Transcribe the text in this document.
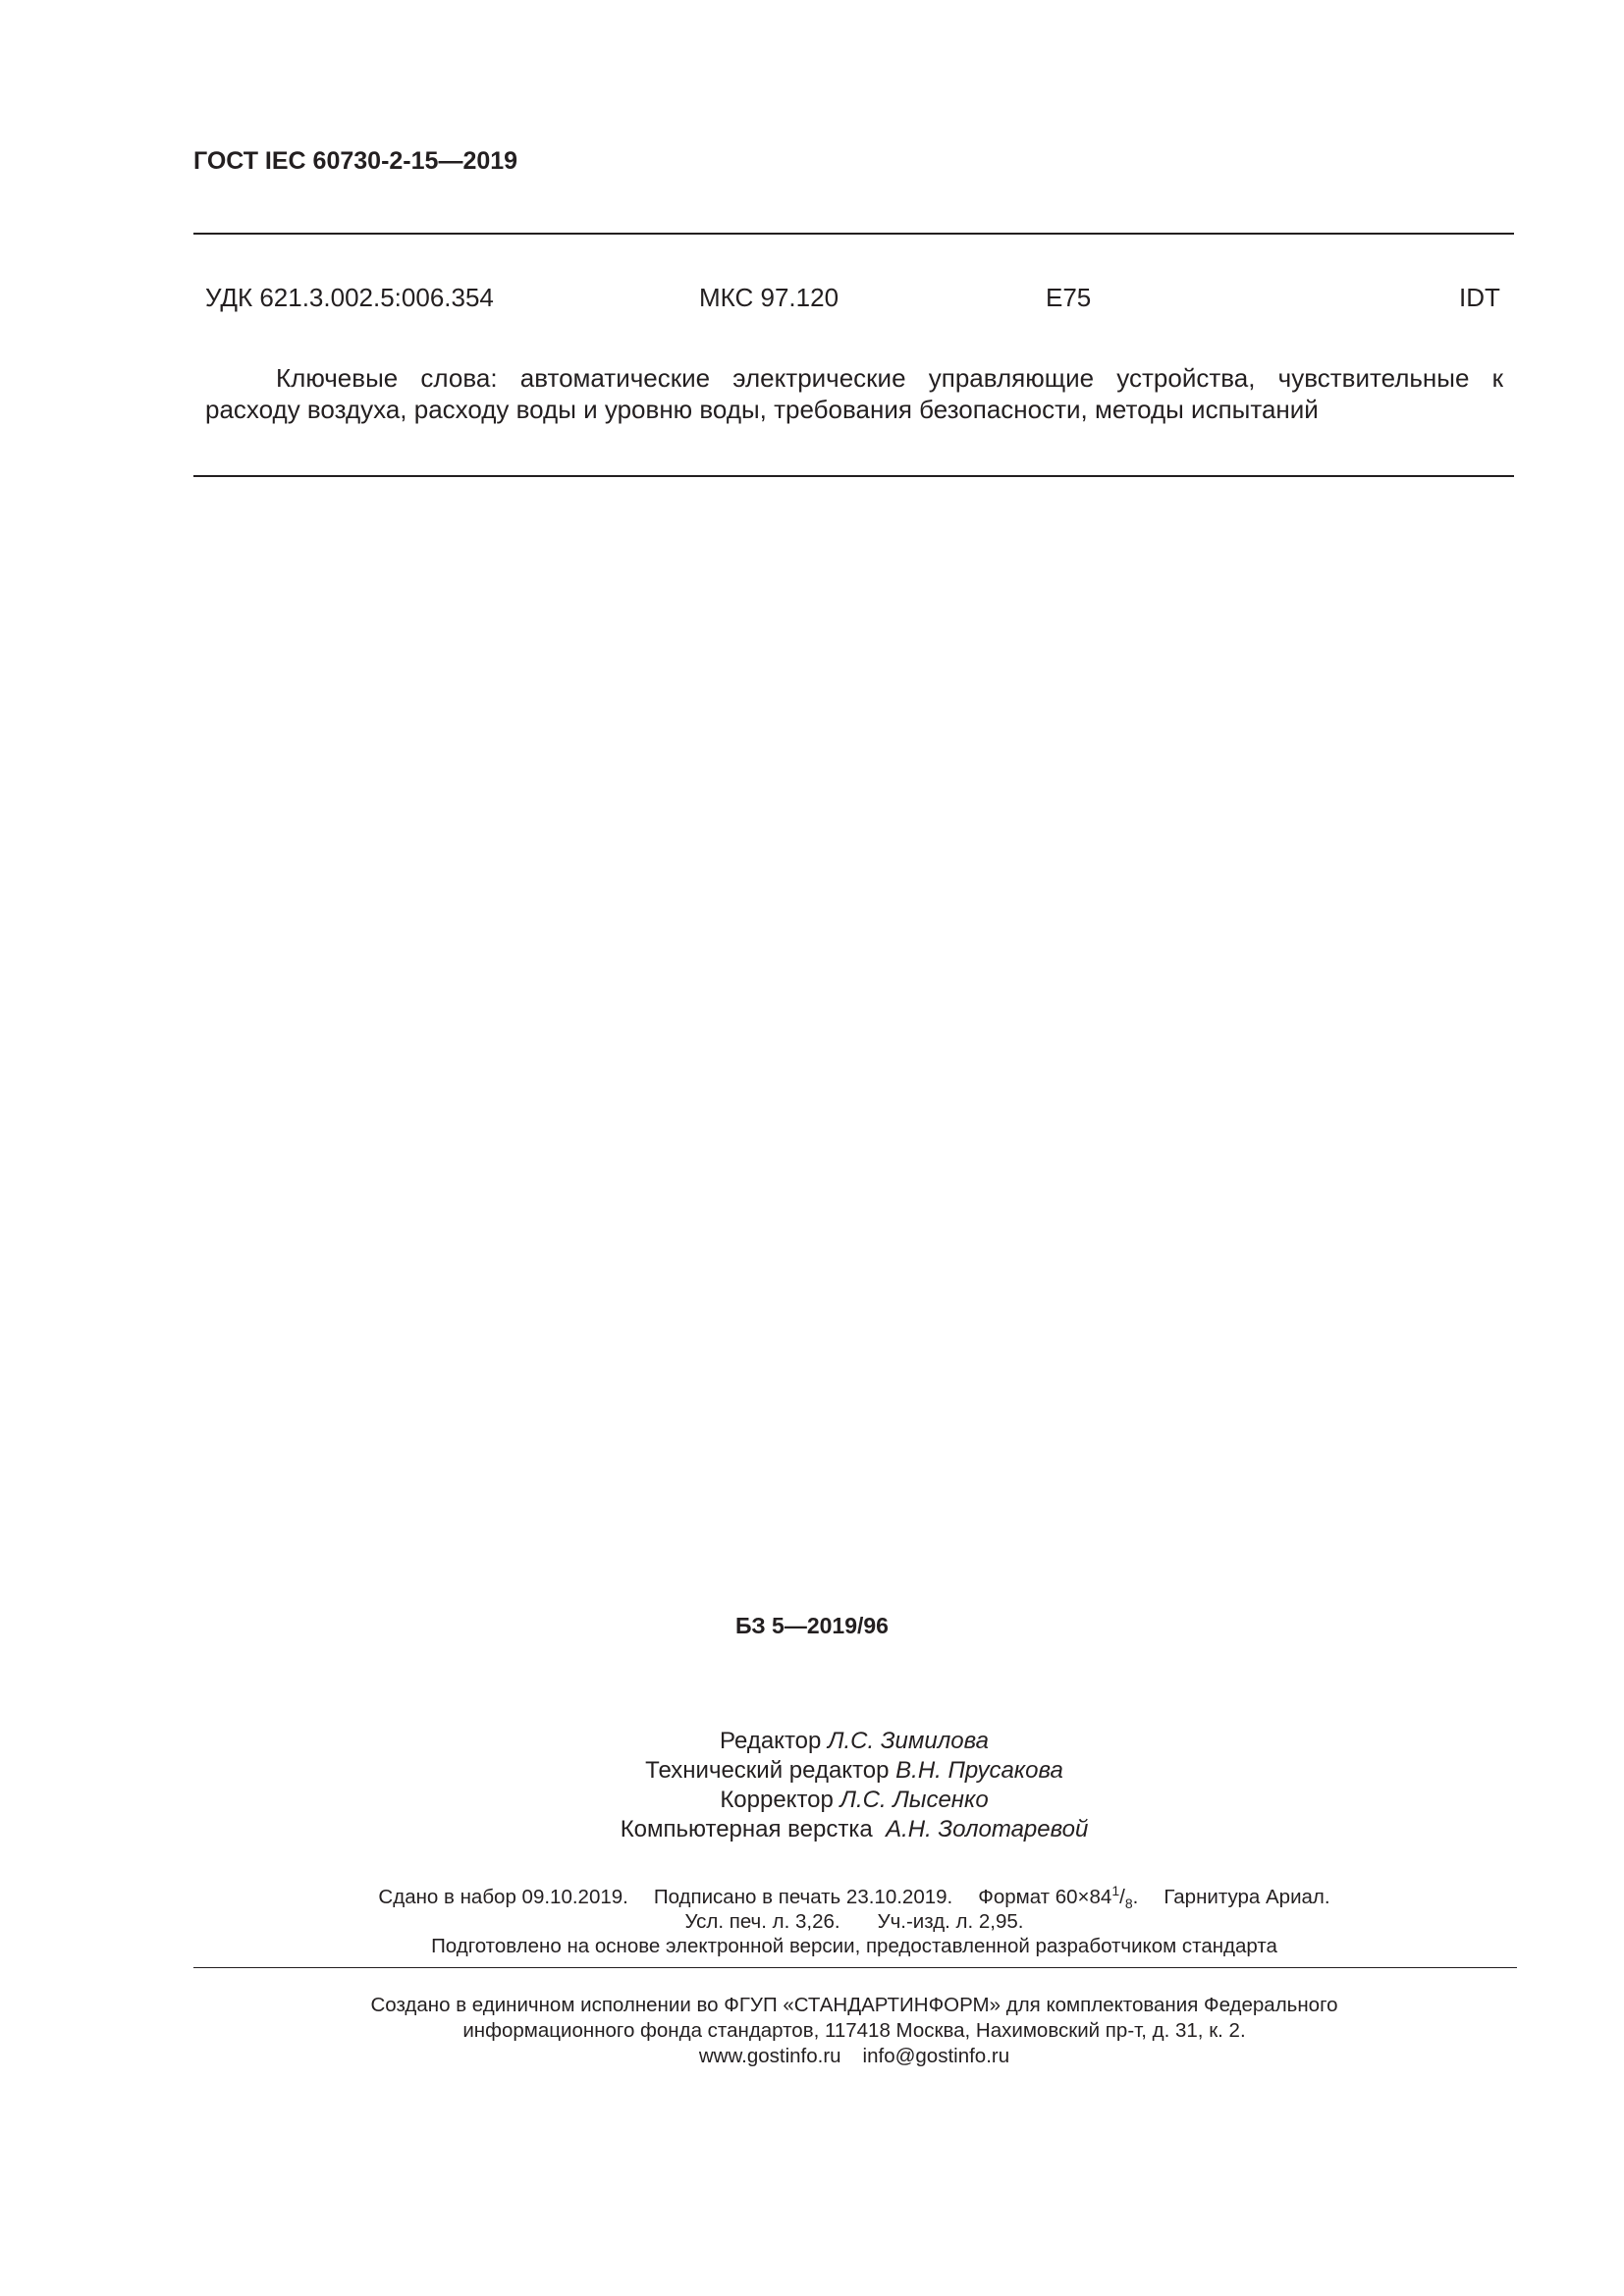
ГОСТ IEC 60730-2-15—2019
УДК 621.3.002.5:006.354	МКС 97.120	Е75	IDT
Ключевые слова: автоматические электрические управляющие устройства, чувствительные к
расходу воздуха, расходу воды и уровню воды, требования безопасности, методы испытаний
БЗ 5—2019/96
Редактор Л.С. Зимилова
Технический редактор В.Н. Прусакова
Корректор Л.С. Лысенко
Компьютерная верстка А.Н. Золотаревой
Сдано в набор 09.10.2019. Подписано в печать 23.10.2019. Формат $60\times 84^1/_8$. Гарнитура Ариал.
Усл. печ. л. 3,26. Уч.-изд. л. 2,95.
Подготовлено на основе электронной версии, предоставленной разработчиком стандарта
Создано в единичном исполнении во ФГУП «СТАНДАРТИНФОРМ» для комплектования Федерального
информационного фонда стандартов, 117418 Москва, Нахимовский пр-т, д. 31, к. 2.
www.gostinfo.ru info@gostinfo.ru
